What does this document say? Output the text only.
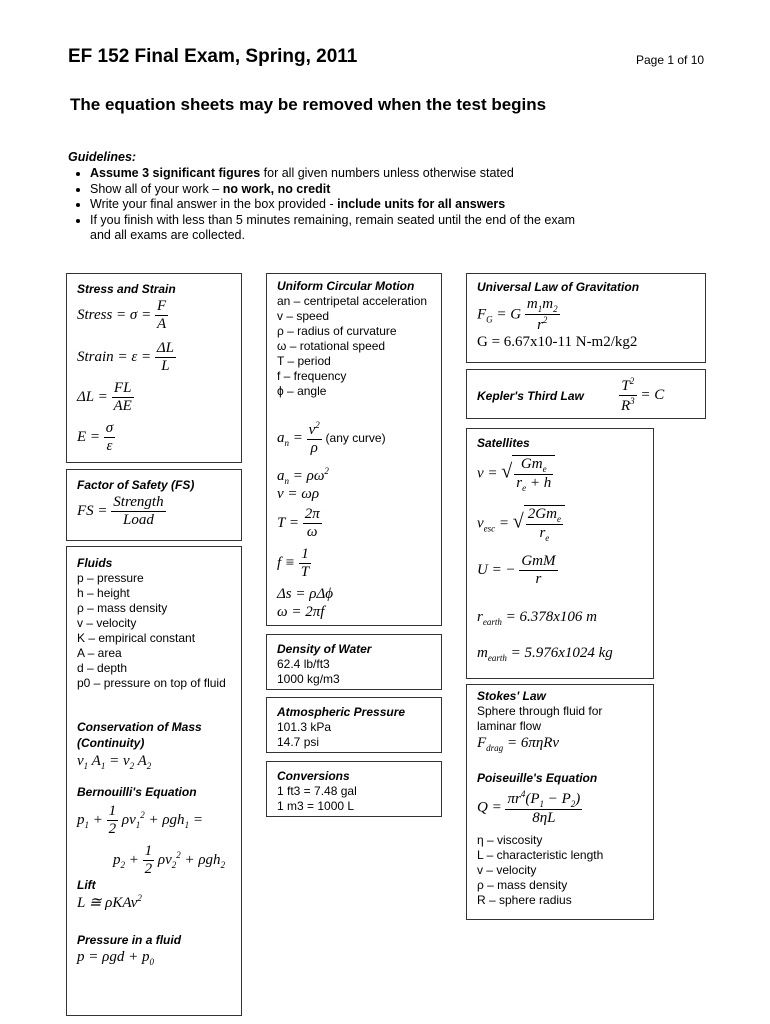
EF 152 Final Exam, Spring, 2011	Page 1 of 10
The equation sheets may be removed when the test begins
Guidelines:
• Assume 3 significant figures for all given numbers unless otherwise stated
• Show all of your work – no work, no credit
• Write your final answer in the box provided - include units for all answers
• If you finish with less than 5 minutes remaining, remain seated until the end of the exam and all exams are collected.
Stress and Strain
Stress = $\sigma = \frac{F}{A}$
Strain = $\varepsilon = \frac{\Delta L}{L}$
$\Delta L = \frac{FL}{AE}$
$E = \frac{\sigma}{\varepsilon}$
Factor of Safety (FS)
FS = $\frac{\text{Strength}}{\text{Load}}$
Fluids
p – pressure
h – height
ρ – mass density
v – velocity
K – empirical constant
A – area
d – depth
p0 – pressure on top of fluid
Conservation of Mass (Continuity)
$v_1$ $A_1 = v_2$ $A_2$
Bernouilli's Equation
$p_1 + \frac{1}{2} \rho v_1^2 + \rho gh_1$ =
$p_2 + \frac{1}{2} \rho v_2^2 + \rho gh_2$
Lift
L ≅ ρKAv$^2$
Pressure in a fluid
$p = \rho gd + p_0$
Uniform Circular Motion
an – centripetal acceleration
v – speed
ρ – radius of curvature
ω – rotational speed
T – period
f – frequency
ϕ – angle
$a_n = \frac{v^2}{\rho} (any$ curve)
$a_n = \rho\omega^2$
v = ωρ
$T = \frac{2\pi}{\omega}$
$f \equiv \frac{1}{T}$
Δs = ρΔϕ
ω = 2πf
Density of Water
62.4 lb/ft3
1000 kg/m3
Atmospheric Pressure
101.3 kPa
14.7 psi
Conversions
1 ft3 = 7.48 gal
1 m3 = 1000 L
Universal Law of Gravitation
$F_G = G \frac{m_1m_2}{r^2}$
G = 6.67x10-11 N-m2/kg2
Kepler's Third Law $\frac{T^2}{R^3} = C$
Satellites
v = √ $\frac{Gm_e}{r_e + h}$
$v_{esc}$ = √ $\frac{2Gm_e}{r_e}$
U = − $\frac{\text{GmM}}{r}$
$r_{earth} = 6.378x106$ m
$m_{earth} = 5.976x1024$ kg
Stokes' Law
Sphere through fluid for laminar flow
$F_{drag} = 6\pi\eta Rv$
Poiseuille's Equation
$Q = \frac{\pi r^4(P_1 - P_2)}{8\eta L}$
η – viscosity
L – characteristic length
v – velocity
ρ – mass density
R – sphere radius
